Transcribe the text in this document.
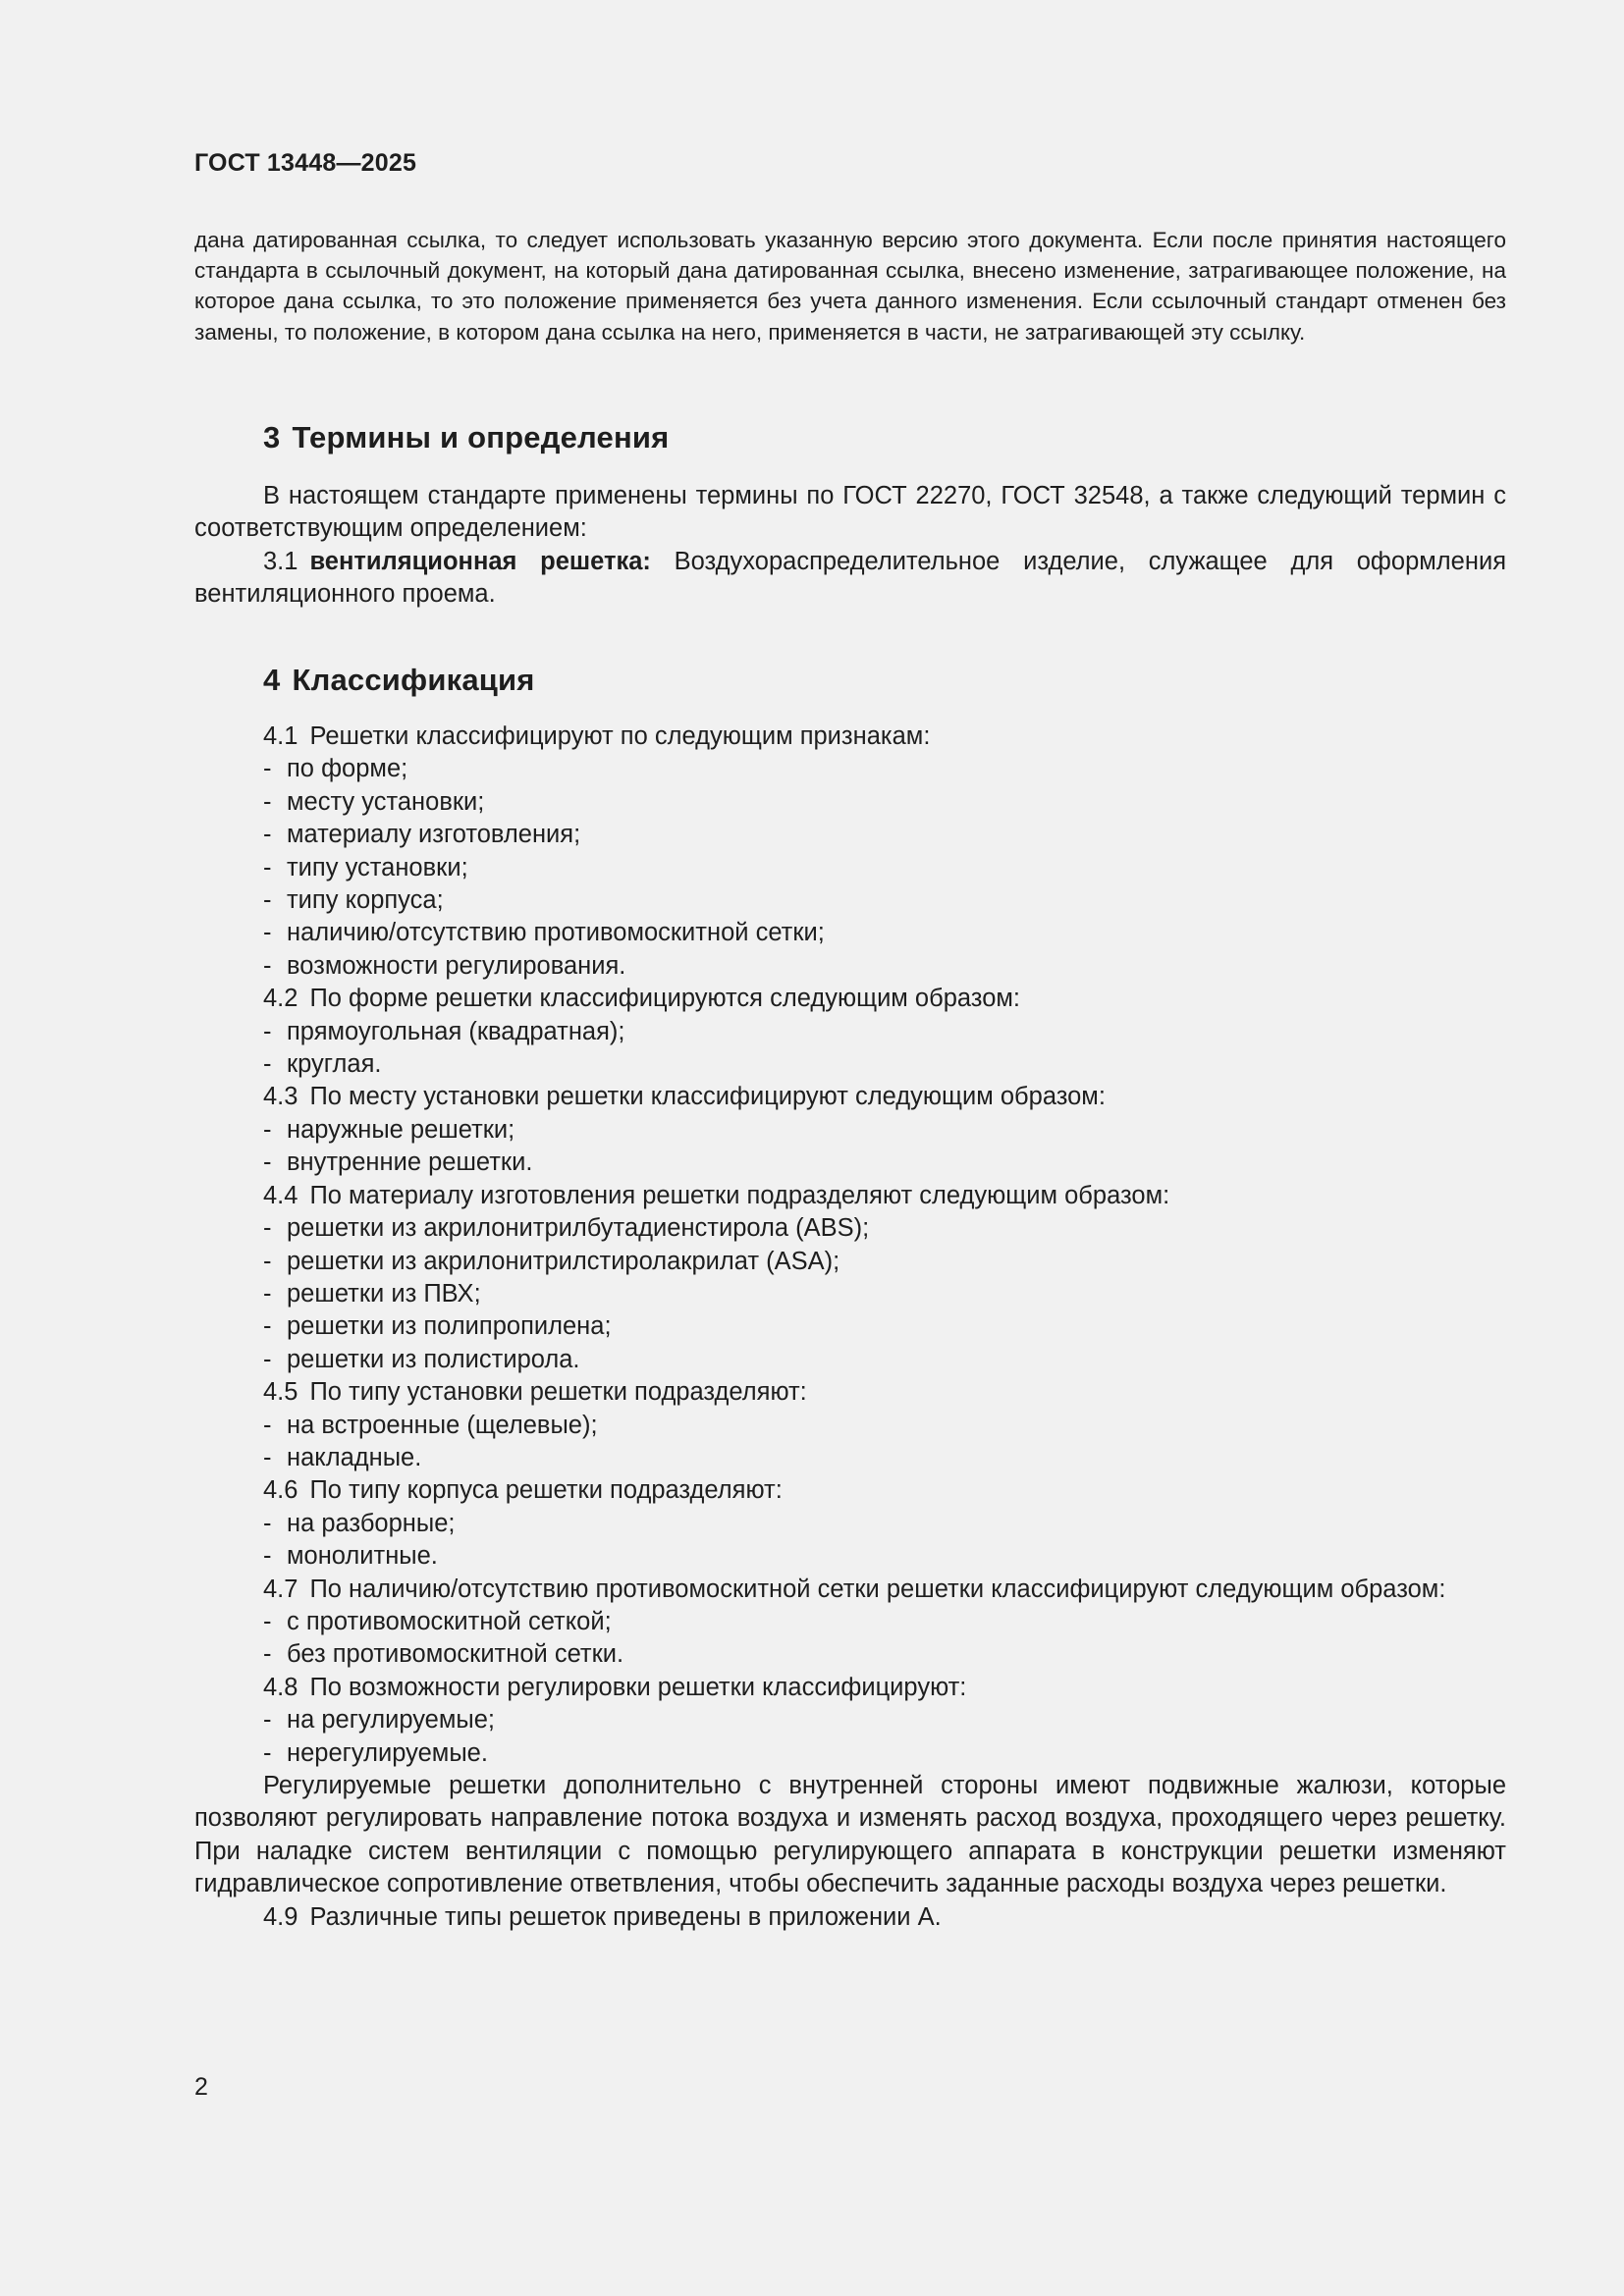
ГОСТ 13448—2025

дана датированная ссылка, то следует использовать указанную версию этого документа. Если после принятия настоящего стандарта в ссылочный документ, на который дана датированная ссылка, внесено изменение, затрагивающее положение, на которое дана ссылка, то это положение применяется без учета данного изменения. Если ссылочный стандарт отменен без замены, то положение, в котором дана ссылка на него, применяется в части, не затрагивающей эту ссылку.

3 Термины и определения

В настоящем стандарте применены термины по ГОСТ 22270, ГОСТ 32548, а также следующий термин с соответствующим определением:

3.1 вентиляционная решетка: Воздухораспределительное изделие, служащее для оформления вентиляционного проема.

4 Классификация
4.1 Решетки классифицируют по следующим признакам:
- по форме;
- месту установки;
- материалу изготовления;
- типу установки;
- типу корпуса;
- наличию/отсутствию противомоскитной сетки;
- возможности регулирования.
4.2 По форме решетки классифицируются следующим образом:
- прямоугольная (квадратная);
- круглая.
4.3 По месту установки решетки классифицируют следующим образом:
- наружные решетки;
- внутренние решетки.
4.4 По материалу изготовления решетки подразделяют следующим образом:
- решетки из акрилонитрилбутадиенстирола (ABS);
- решетки из акрилонитрилстиролакрилат (ASA);
- решетки из ПВХ;
- решетки из полипропилена;
- решетки из полистирола.
4.5 По типу установки решетки подразделяют:
- на встроенные (щелевые);
- накладные.
4.6 По типу корпуса решетки подразделяют:
- на разборные;
- монолитные.
4.7 По наличию/отсутствию противомоскитной сетки решетки классифицируют следующим образом:
- с противомоскитной сеткой;
- без противомоскитной сетки.
4.8 По возможности регулировки решетки классифицируют:
- на регулируемые;
- нерегулируемые.
Регулируемые решетки дополнительно с внутренней стороны имеют подвижные жалюзи, которые позволяют регулировать направление потока воздуха и изменять расход воздуха, проходящего через решетку. При наладке систем вентиляции с помощью регулирующего аппарата в конструкции решетки изменяют гидравлическое сопротивление ответвления, чтобы обеспечить заданные расходы воздуха через решетки.
4.9 Различные типы решеток приведены в приложении А.
2
